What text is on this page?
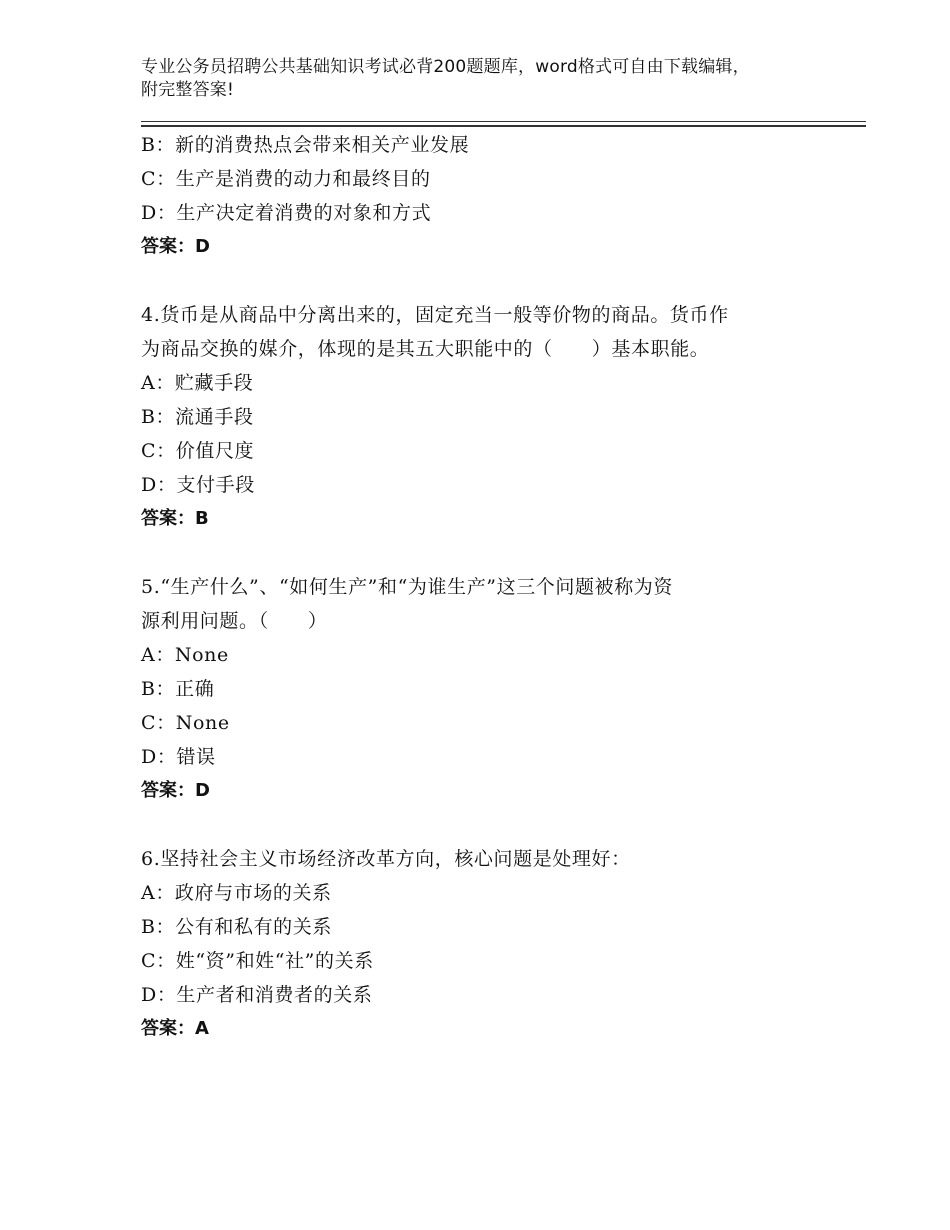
专业公务员招聘公共基础知识考试必背200题题库，word格式可自由下载编辑，
附完整答案!
B：新的消费热点会带来相关产业发展
C：生产是消费的动力和最终目的
D：生产决定着消费的对象和方式
答案：D
4.货币是从商品中分离出来的，固定充当一般等价物的商品。货币作
为商品交换的媒介，体现的是其五大职能中的（　　）基本职能。
A：贮藏手段
B：流通手段
C：价值尺度
D：支付手段
答案：B
5.“生产什么”、“如何生产”和“为谁生产”这三个问题被称为资
源利用问题。（　　）
A：None
B：正确
C：None
D：错误
答案：D
6.坚持社会主义市场经济改革方向，核心问题是处理好：
A：政府与市场的关系
B：公有和私有的关系
C：姓“资”和姓“社”的关系
D：生产者和消费者的关系
答案：A
